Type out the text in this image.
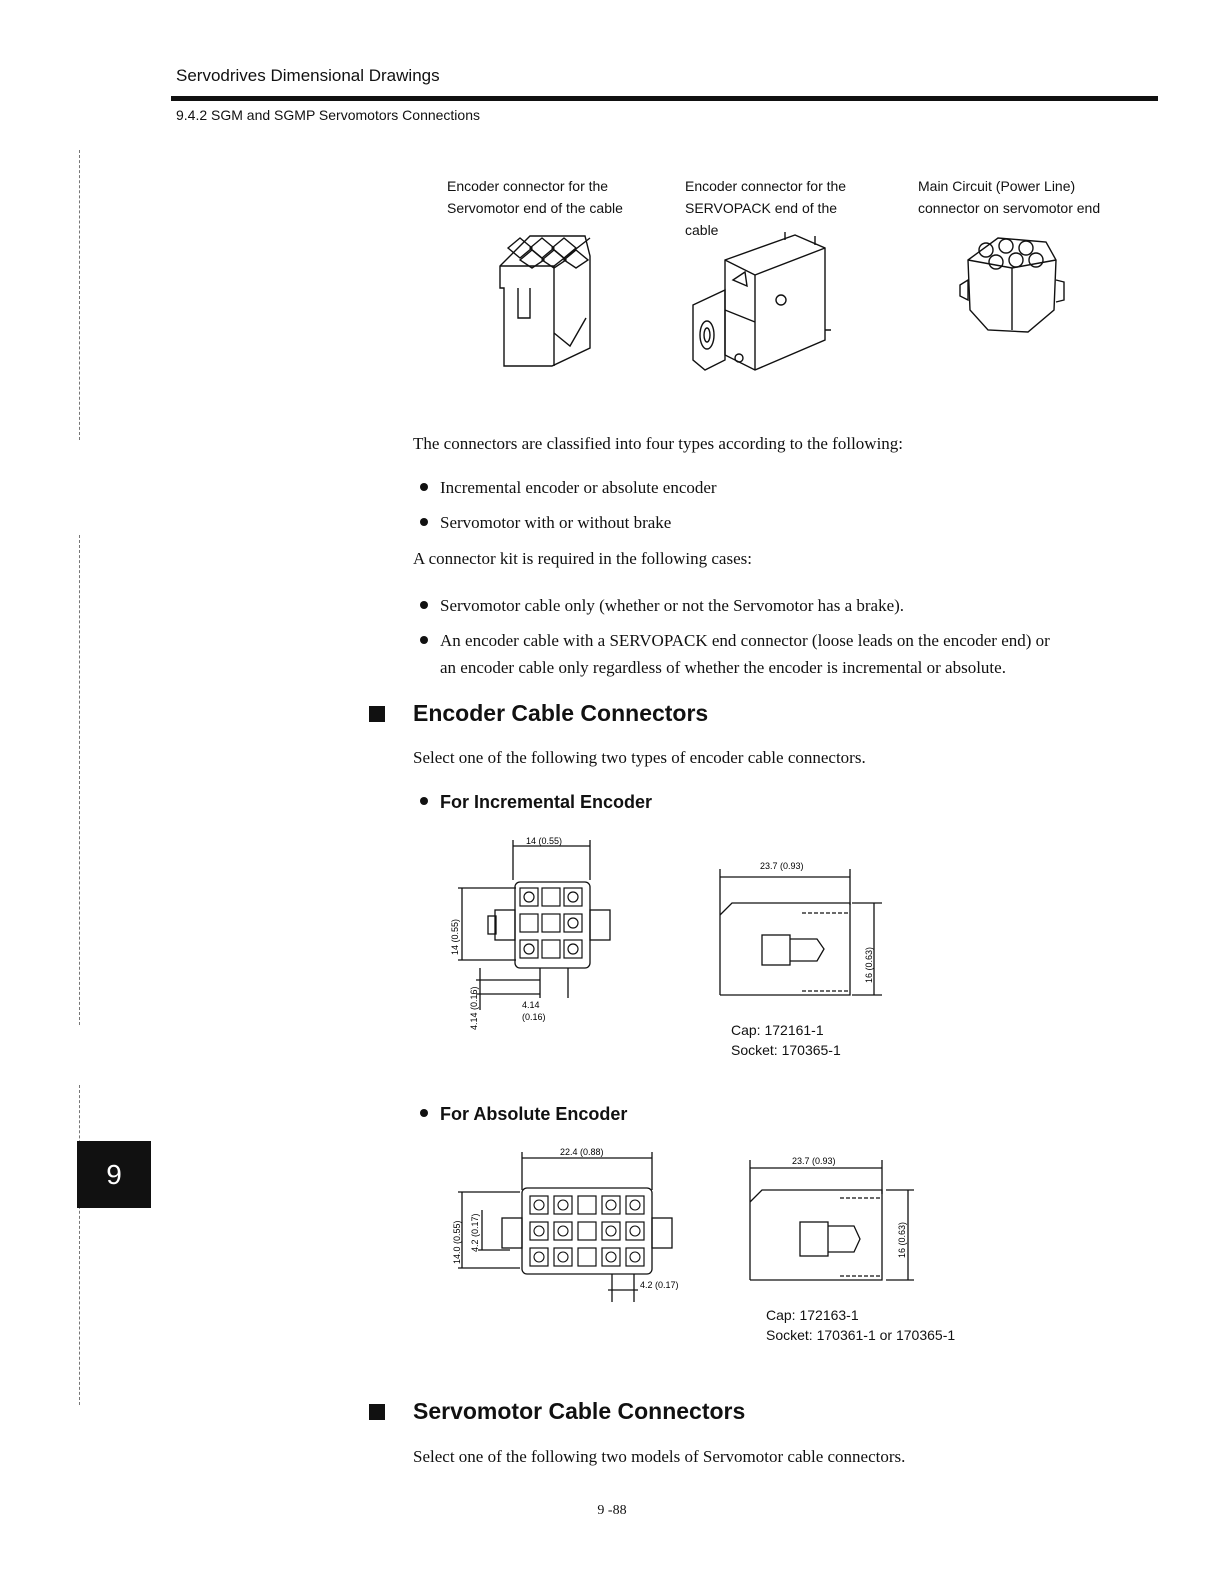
Servodrives Dimensional Drawings
9.4.2 SGM and SGMP Servomotors Connections
Encoder connector for the
Servomotor end of the cable
Encoder connector for the
SERVOPACK end of the
cable
Main Circuit (Power Line)
connector on servomotor end
The connectors are classified into four types according to the following:
Incremental encoder or absolute encoder
Servomotor with or without brake
A connector kit is required in the following cases:
Servomotor cable only (whether or not the Servomotor has a brake).
An encoder cable with a SERVOPACK end connector (loose leads on the encoder end) or
an encoder cable only regardless of whether the encoder is incremental or absolute.
Encoder Cable Connectors
Select one of the following two types of encoder cable connectors.
For Incremental Encoder
14 (0.55)
14 (0.55)
4.14 (0.16)	4.14
(0.16)
23.7 (0.93)
16 (0.63)
Cap: 172161-1
Socket: 170365-1
For Absolute Encoder
22.4 (0.88)
14.0 (0.55) 4.2 (0.17)
4.2 (0.17)
23.7 (0.93)
16 (0.63)
Cap: 172163-1
Socket: 170361-1 or 170365-1
9
Servomotor Cable Connectors
Select one of the following two models of Servomotor cable connectors.
9 -88
